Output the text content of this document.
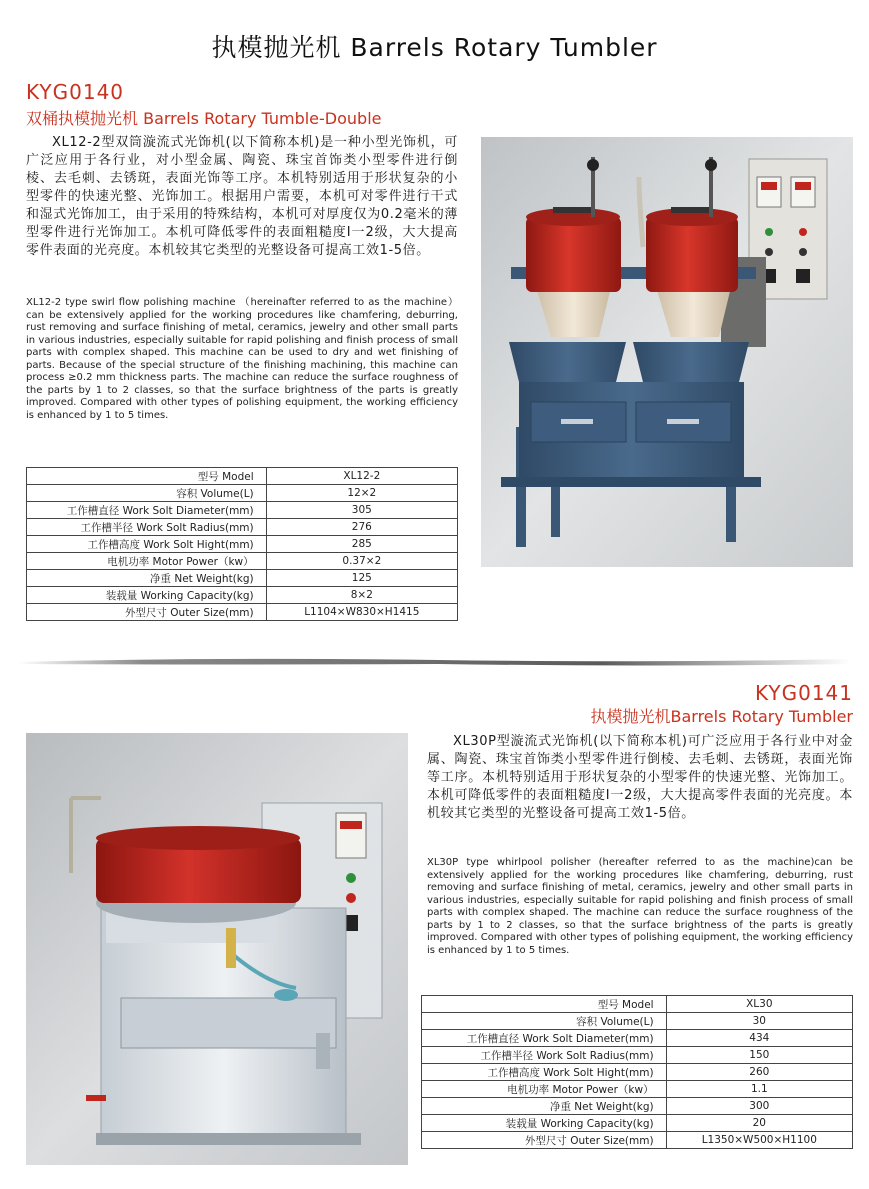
执模抛光机 Barrels Rotary Tumbler
KYG0140
双桶执模抛光机 Barrels Rotary Tumble-Double

XL12-2型双筒漩流式光饰机(以下简称本机)是一种小型光饰机，可广泛应用于各行业，对小型金属、陶瓷、珠宝首饰类小型零件进行倒棱、去毛刺、去锈斑，表面光饰等工序。本机特别适用于形状复杂的小型零件的快速光整、光饰加工。根据用户需要，本机可对零件进行干式和湿式光饰加工，由于采用的特殊结构，本机可对厚度仅为0.2毫米的薄型零件进行光饰加工。本机可降低零件的表面粗糙度Ⅰ一2级，大大提高零件表面的光亮度。本机较其它类型的光整设备可提高工效1-5倍。

XL12-2 type swirl flow polishing machine （hereinafter referred to as the machine） can be extensively applied for the working procedures like chamfering, deburring, rust removing and surface finishing of metal, ceramics, jewelry and other small parts in various industries, especially suitable for rapid polishing and finish process of small parts with complex shaped. This machine can be used to dry and wet finishing of parts. Because of the special structure of the finishing machining, this machine can process ≥0.2 mm thickness parts. The machine can reduce the surface roughness of the parts by 1 to 2 classes, so that the surface brightness of the parts is greatly improved. Compared with other types of polishing equipment, the working efficiency is enhanced by 1 to 5 times.

型号 Model	XL12-2
容积 Volume(L)	12×2
工作槽直径 Work Solt Diameter(mm)	305
工作槽半径 Work Solt Radius(mm)	276
工作槽高度 Work Solt Hight(mm)	285
电机功率 Motor Power（kw）	0.37×2
净重 Net Weight(kg)	125
装载量 Working Capacity(kg)	8×2
外型尺寸 Outer Size(mm)	L1104×W830×H1415
KYG0141
执模抛光机Barrels Rotary Tumbler

XL30P型漩流式光饰机(以下简称本机)可广泛应用于各行业中对金属、陶瓷、珠宝首饰类小型零件进行倒棱、去毛刺、去锈斑，表面光饰等工序。本机特别适用于形状复杂的小型零件的快速光整、光饰加工。本机可降低零件的表面粗糙度Ⅰ一2级，大大提高零件表面的光亮度。本机较其它类型的光整设备可提高工效1-5倍。

XL30P type whirlpool polisher (hereafter referred to as the machine)can be extensively applied for the working procedures like chamfering, deburring, rust removing and surface finishing of metal, ceramics, jewelry and other small parts in various industries, especially suitable for rapid polishing and finish process of small parts with complex shaped. The machine can reduce the surface roughness of the parts by 1 to 2 classes, so that the surface brightness of the parts is greatly improved. Compared with other types of polishing equipment, the working efficiency is enhanced by 1 to 5 times.

型号 Model	XL30
容积 Volume(L)	30
工作槽直径 Work Solt Diameter(mm)	434
工作槽半径 Work Solt Radius(mm)	150
工作槽高度 Work Solt Hight(mm)	260
电机功率 Motor Power（kw）	1.1
净重 Net Weight(kg)	300
装载量 Working Capacity(kg)	20
外型尺寸 Outer Size(mm)	L1350×W500×H1100
